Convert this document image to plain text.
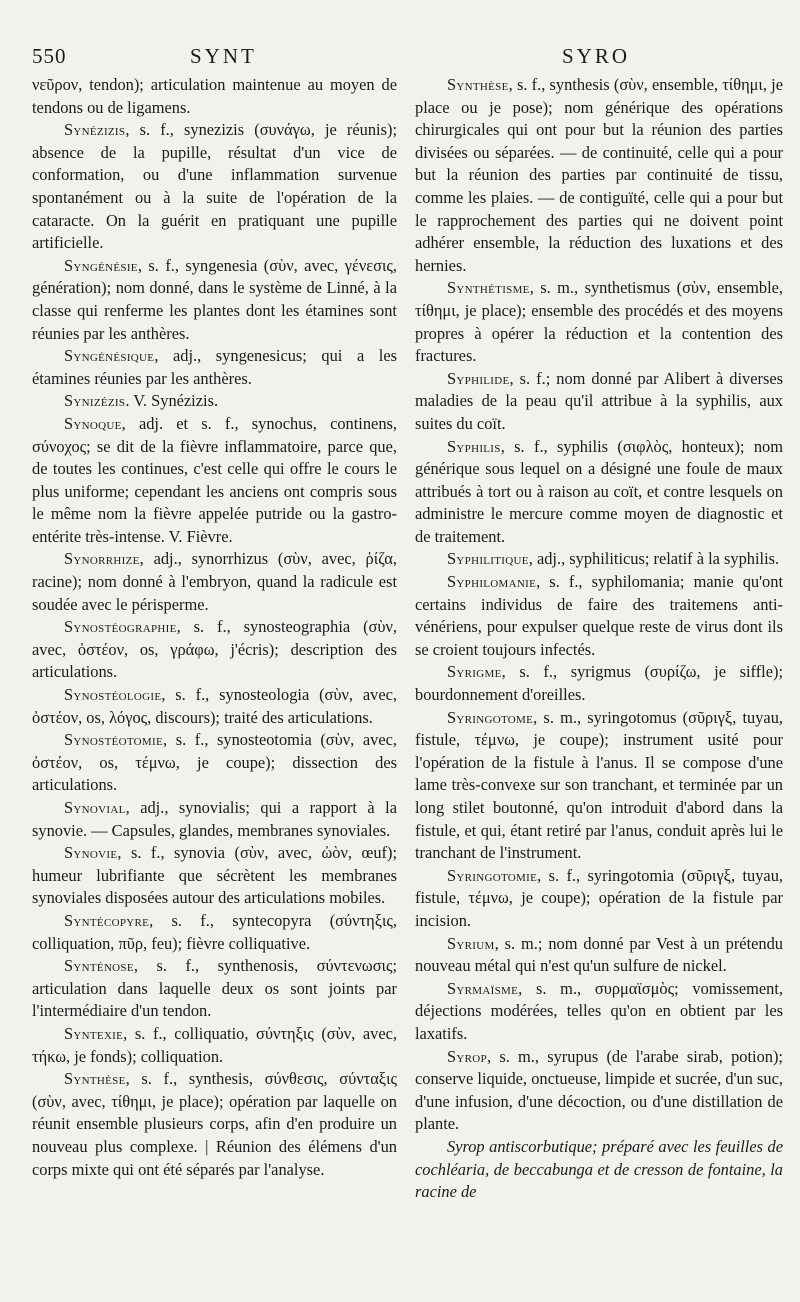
550	SYNT	SYRO

νεῦρον, tendon); articulation maintenue au moyen de tendons ou de ligamens.

Synézizis, s. f., synezizis (συνάγω, je réunis); absence de la pupille, résultat d'un vice de conformation, ou d'une inflammation survenue spontanément ou à la suite de l'opération de la cataracte. On la guérit en pratiquant une pupille artificielle.

Syngénésie, s. f., syngenesia (σὺν, avec, γένεσις, génération); nom donné, dans le système de Linné, à la classe qui renferme les plantes dont les étamines sont réunies par les anthères.

Syngénésique, adj., syngenesicus; qui a les étamines réunies par les anthères.

Synizézis. V. Synézizis.

Synoque, adj. et s. f., synochus, continens, σύνοχος; se dit de la fièvre inflammatoire, parce que, de toutes les continues, c'est celle qui offre le cours le plus uniforme; cependant les anciens ont compris sous le même nom la fièvre appelée putride ou la gastro-entérite très-intense. V. Fièvre.

Synorrhize, adj., synorrhizus (σὺν, avec, ῥίζα, racine); nom donné à l'embryon, quand la radicule est soudée avec le périsperme.

Synostéographie, s. f., synosteographia (σὺν, avec, ὀστέον, os, γράφω, j'écris); description des articulations.

Synostéologie, s. f., synosteologia (σὺν, avec, ὀστέον, os, λόγος, discours); traité des articulations.

Synostéotomie, s. f., synosteotomia (σὺν, avec, ὀστέον, os, τέμνω, je coupe); dissection des articulations.

Synovial, adj., synovialis; qui a rapport à la synovie. — Capsules, glandes, membranes synoviales.

Synovie, s. f., synovia (σὺν, avec, ὠὸν, œuf); humeur lubrifiante que sécrètent les membranes synoviales disposées autour des articulations mobiles.

Syntécopyre, s. f., syntecopyra (σύντηξις, colliquation, πῦρ, feu); fièvre colliquative.

Synténose, s. f., synthenosis, σύντενωσις; articulation dans laquelle deux os sont joints par l'intermédiaire d'un tendon.

Syntexie, s. f., colliquatio, σύντηξις (σὺν, avec, τήκω, je fonds); colliquation.

Synthèse, s. f., synthesis, σύνθεσις, σύνταξις (σὺν, avec, τίθημι, je place); opération par laquelle on réunit ensemble plusieurs corps, afin d'en produire un nouveau plus complexe. | Réunion des élémens d'un corps mixte qui ont été séparés par l'analyse.

Synthèse, s. f., synthesis (σὺν, ensemble, τίθημι, je place ou je pose); nom générique des opérations chirurgicales qui ont pour but la réunion des parties divisées ou séparées. — de continuité, celle qui a pour but la réunion des parties par continuité de tissu, comme les plaies. — de contiguïté, celle qui a pour but le rapprochement des parties qui ne doivent point adhérer ensemble, la réduction des luxations et des hernies.

Synthétisme, s. m., synthetismus (σὺν, ensemble, τίθημι, je place); ensemble des procédés et des moyens propres à opérer la réduction et la contention des fractures.

Syphilide, s. f.; nom donné par Alibert à diverses maladies de la peau qu'il attribue à la syphilis, aux suites du coït.

Syphilis, s. f., syphilis (σιφλὸς, honteux); nom générique sous lequel on a désigné une foule de maux attribués à tort ou à raison au coït, et contre lesquels on administre le mercure comme moyen de diagnostic et de traitement.

Syphilitique, adj., syphiliticus; relatif à la syphilis.

Syphilomanie, s. f., syphilomania; manie qu'ont certains individus de faire des traitemens anti-vénériens, pour expulser quelque reste de virus dont ils se croient toujours infectés.

Syrigme, s. f., syrigmus (συρίζω, je siffle); bourdonnement d'oreilles.

Syringotome, s. m., syringotomus (σῦριγξ, tuyau, fistule, τέμνω, je coupe); instrument usité pour l'opération de la fistule à l'anus. Il se compose d'une lame très-convexe sur son tranchant, et terminée par un long stilet boutonné, qu'on introduit d'abord dans la fistule, et qui, étant retiré par l'anus, conduit après lui le tranchant de l'instrument.

Syringotomie, s. f., syringotomia (σῦριγξ, tuyau, fistule, τέμνω, je coupe); opération de la fistule par incision.

Syrium, s. m.; nom donné par Vest à un prétendu nouveau métal qui n'est qu'un sulfure de nickel.

Syrmaïsme, s. m., συρμαϊσμὸς; vomissement, déjections modérées, telles qu'on en obtient par les laxatifs.

Syrop, s. m., syrupus (de l'arabe sirab, potion); conserve liquide, onctueuse, limpide et sucrée, d'un suc, d'une infusion, d'une décoction, ou d'une distillation de plante.

Syrop antiscorbutique; préparé avec les feuilles de cochléaria, de beccabunga et de cresson de fontaine, la racine de
